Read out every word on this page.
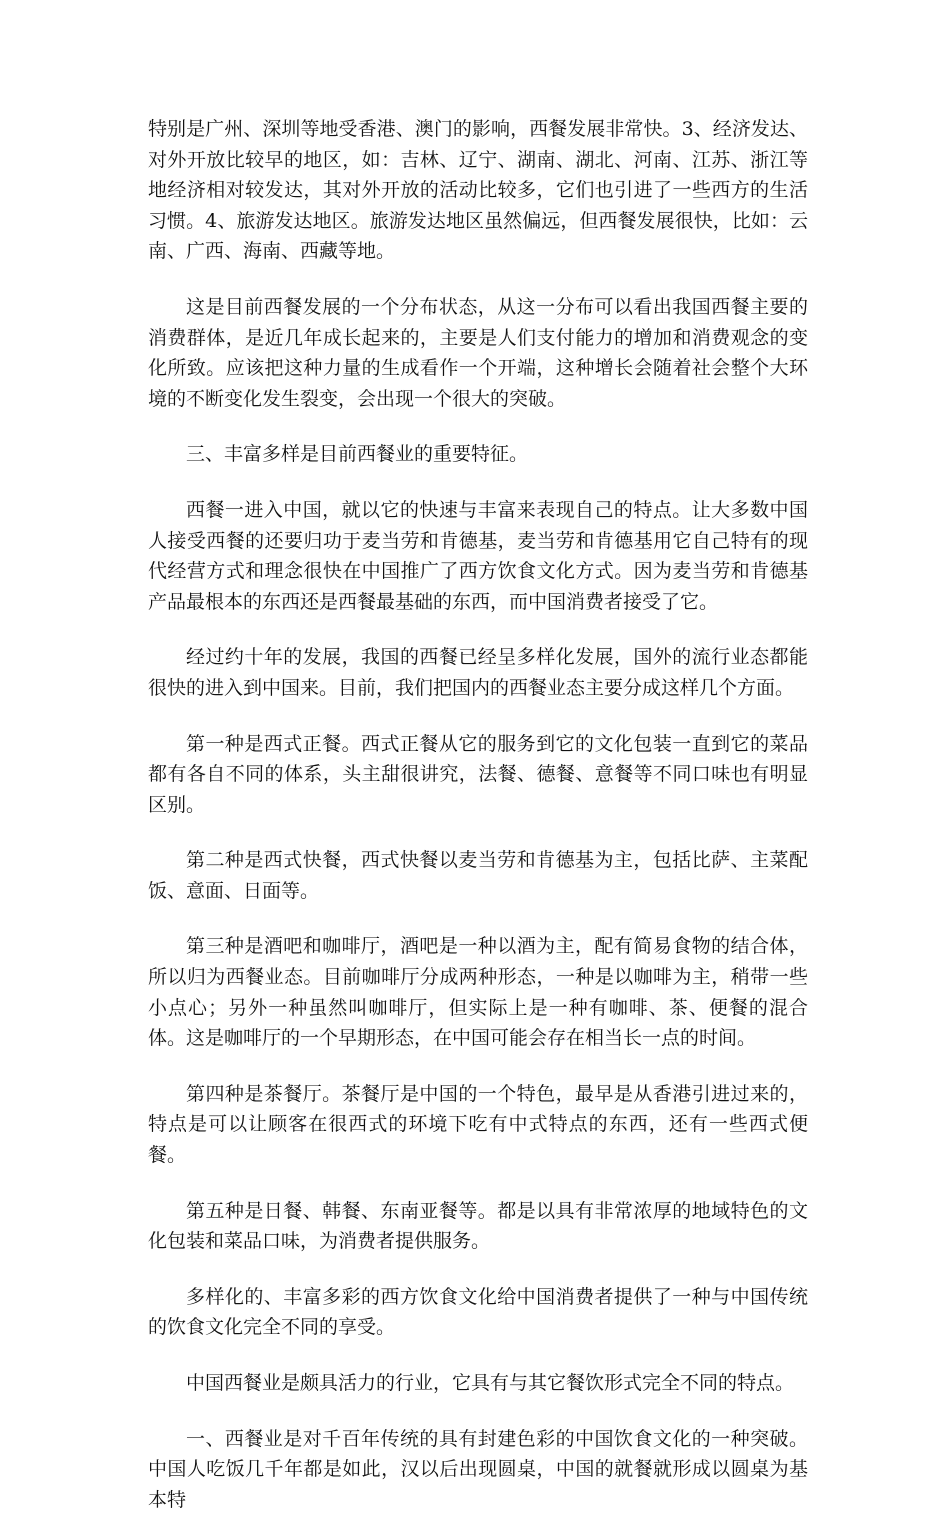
特别是广州、深圳等地受香港、澳门的影响，西餐发展非常快。3、经济发达、对外开放比较早的地区，如：吉林、辽宁、湖南、湖北、河南、江苏、浙江等地经济相对较发达，其对外开放的活动比较多，它们也引进了一些西方的生活习惯。4、旅游发达地区。旅游发达地区虽然偏远，但西餐发展很快，比如：云南、广西、海南、西藏等地。

这是目前西餐发展的一个分布状态，从这一分布可以看出我国西餐主要的消费群体，是近几年成长起来的，主要是人们支付能力的增加和消费观念的变化所致。应该把这种力量的生成看作一个开端，这种增长会随着社会整个大环境的不断变化发生裂变，会出现一个很大的突破。

三、丰富多样是目前西餐业的重要特征。

西餐一进入中国，就以它的快速与丰富来表现自己的特点。让大多数中国人接受西餐的还要归功于麦当劳和肯德基，麦当劳和肯德基用它自己特有的现代经营方式和理念很快在中国推广了西方饮食文化方式。因为麦当劳和肯德基产品最根本的东西还是西餐最基础的东西，而中国消费者接受了它。

经过约十年的发展，我国的西餐已经呈多样化发展，国外的流行业态都能很快的进入到中国来。目前，我们把国内的西餐业态主要分成这样几个方面。

第一种是西式正餐。西式正餐从它的服务到它的文化包装一直到它的菜品都有各自不同的体系，头主甜很讲究，法餐、德餐、意餐等不同口味也有明显区别。

第二种是西式快餐，西式快餐以麦当劳和肯德基为主，包括比萨、主菜配饭、意面、日面等。

第三种是酒吧和咖啡厅，酒吧是一种以酒为主，配有简易食物的结合体，所以归为西餐业态。目前咖啡厅分成两种形态，一种是以咖啡为主，稍带一些小点心；另外一种虽然叫咖啡厅，但实际上是一种有咖啡、茶、便餐的混合体。这是咖啡厅的一个早期形态，在中国可能会存在相当长一点的时间。

第四种是茶餐厅。茶餐厅是中国的一个特色，最早是从香港引进过来的，特点是可以让顾客在很西式的环境下吃有中式特点的东西，还有一些西式便餐。

第五种是日餐、韩餐、东南亚餐等。都是以具有非常浓厚的地域特色的文化包装和菜品口味，为消费者提供服务。

多样化的、丰富多彩的西方饮食文化给中国消费者提供了一种与中国传统的饮食文化完全不同的享受。

中国西餐业是颇具活力的行业，它具有与其它餐饮形式完全不同的特点。

一、西餐业是对千百年传统的具有封建色彩的中国饮食文化的一种突破。中国人吃饭几千年都是如此，汉以后出现圆桌，中国的就餐就形成以圆桌为基本特
